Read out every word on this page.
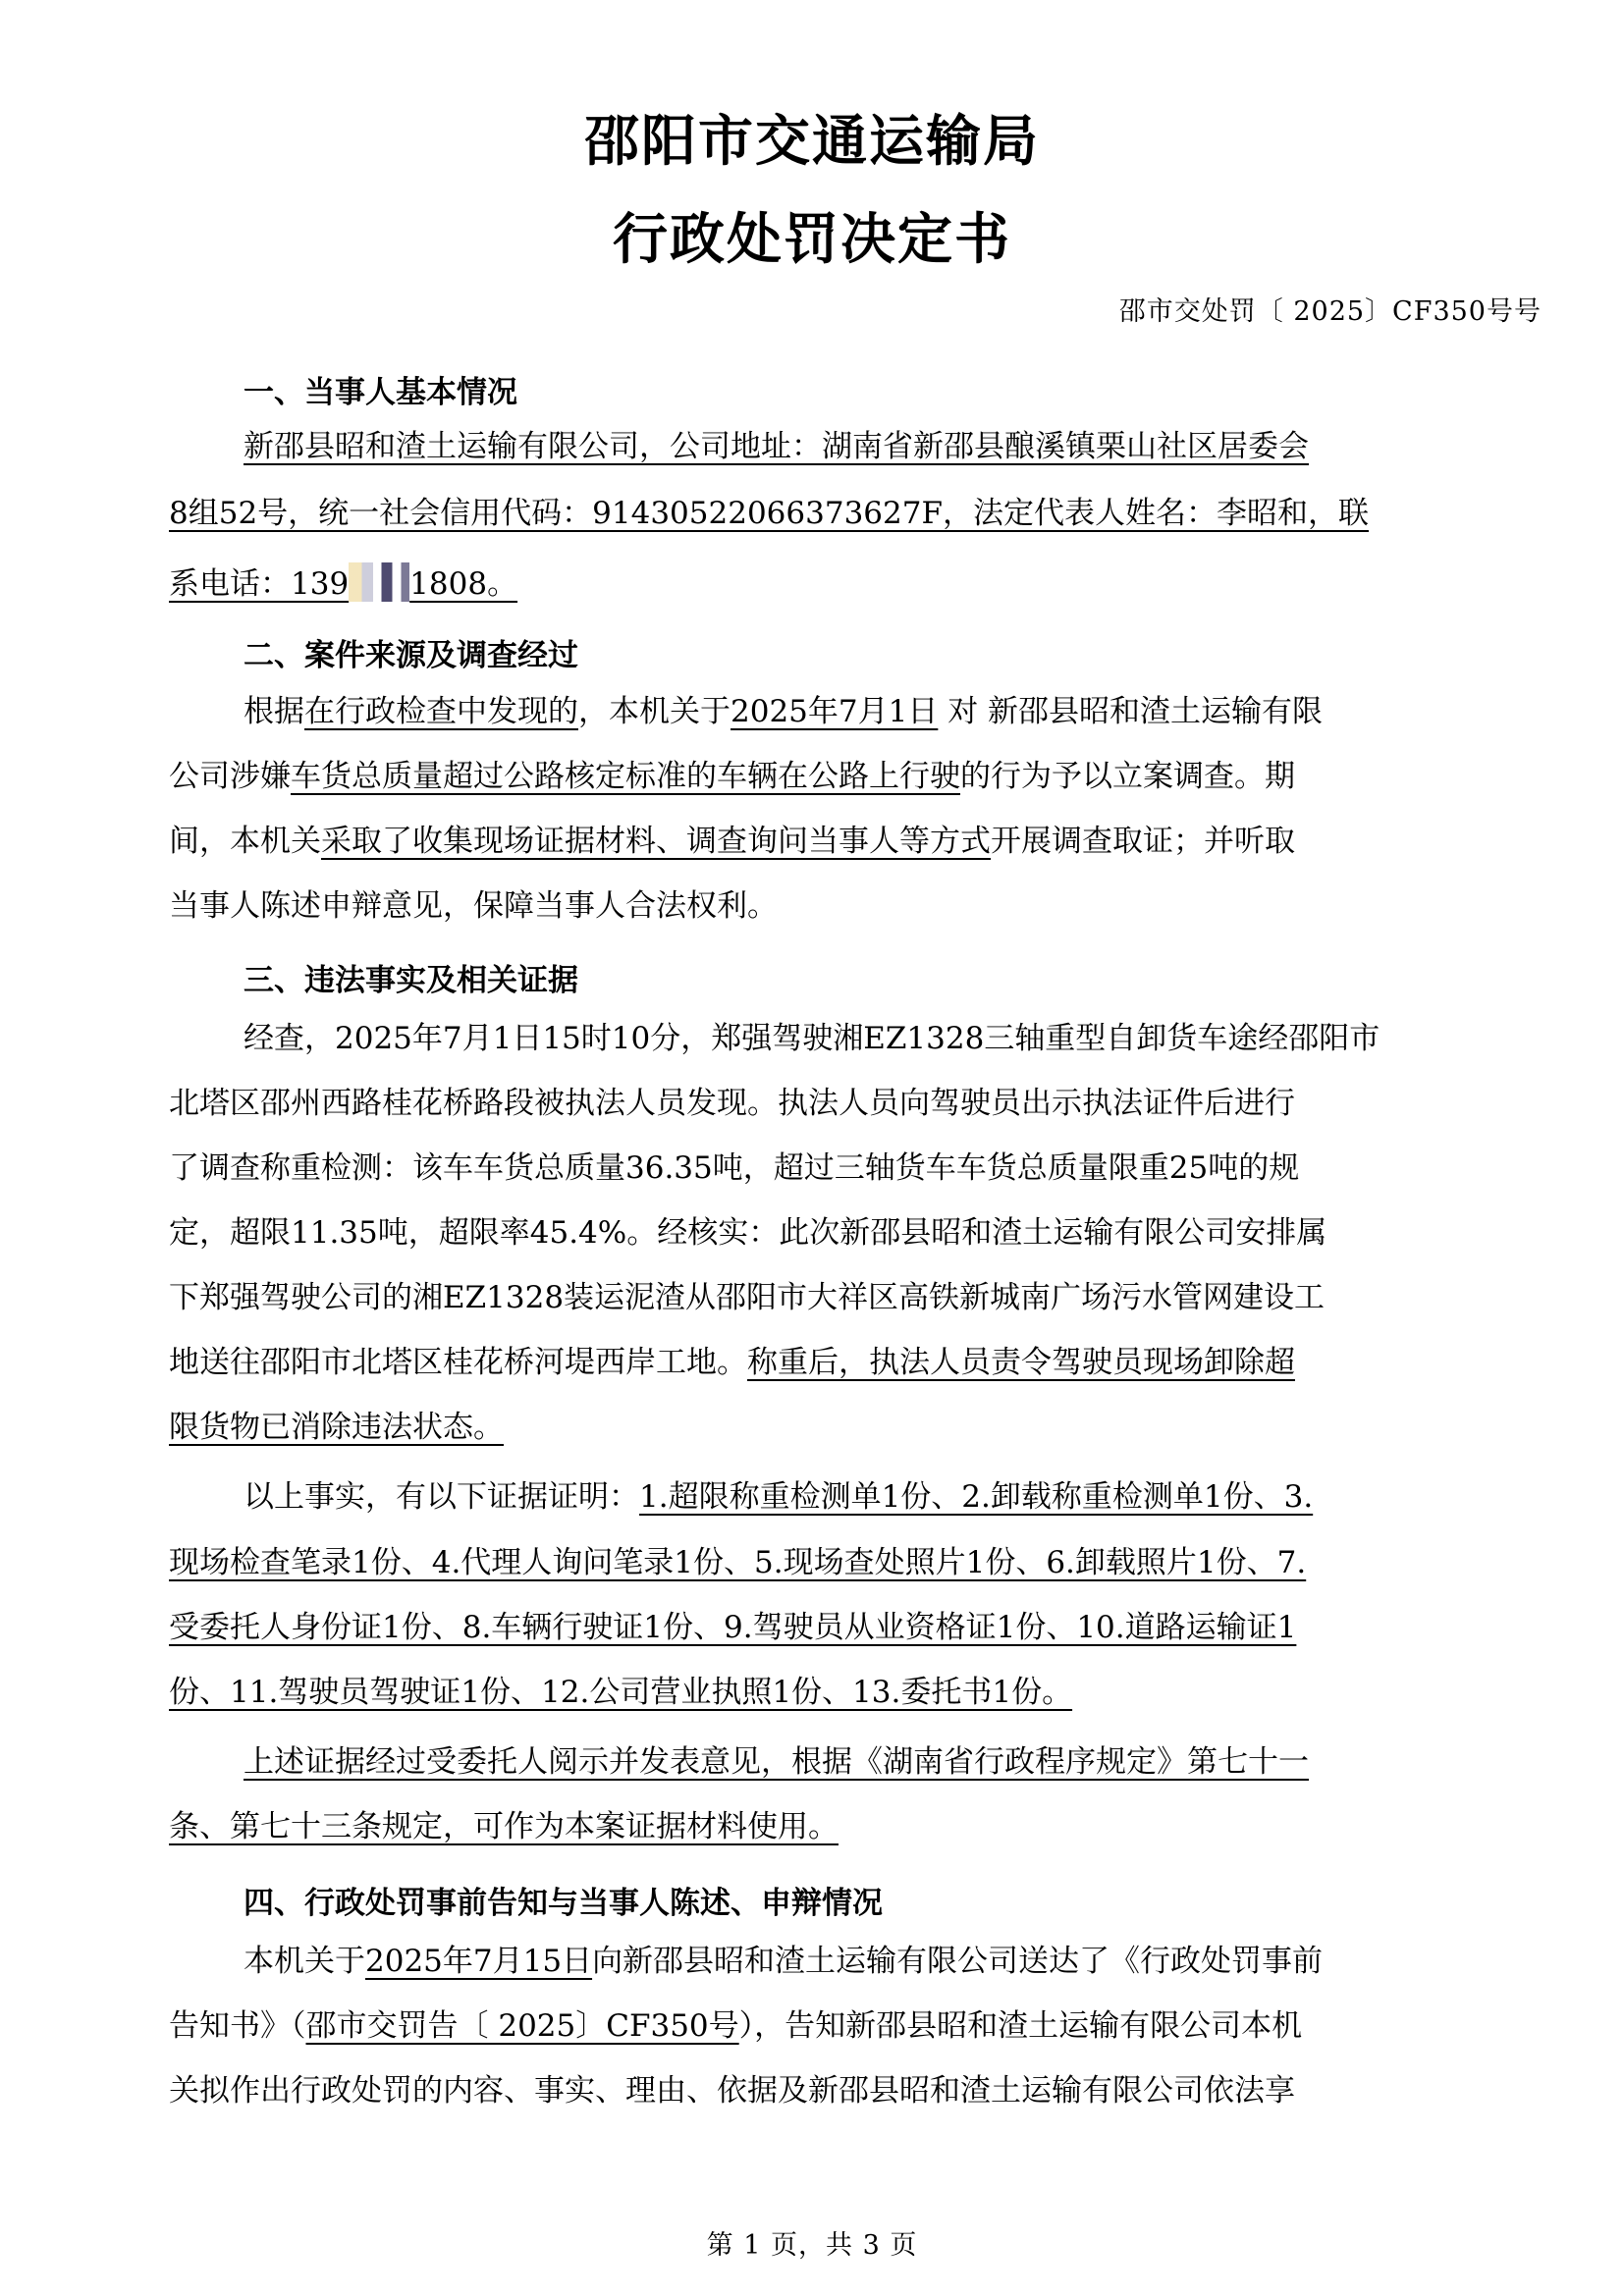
邵阳市交通运输局
行政处罚决定书
邵市交处罚〔 2025〕CF350号号
一、当事人基本情况
新邵县昭和渣土运输有限公司，公司地址：湖南省新邵县酿溪镇栗山社区居委会
8组52号，统一社会信用代码：91430522066373627F，法定代表人姓名：李昭和，联
系电话：139 1808。
二、案件来源及调查经过
根据在行政检查中发现的，本机关于2025年7月1日 对 新邵县昭和渣土运输有限
公司涉嫌车货总质量超过公路核定标准的车辆在公路上行驶的行为予以立案调查。期
间，本机关采取了收集现场证据材料、调查询问当事人等方式开展调查取证；并听取
当事人陈述申辩意见，保障当事人合法权利。
三、违法事实及相关证据
经查，2025年7月1日15时10分，郑强驾驶湘EZ1328三轴重型自卸货车途经邵阳市
北塔区邵州西路桂花桥路段被执法人员发现。执法人员向驾驶员出示执法证件后进行
了调查称重检测：该车车货总质量36.35吨，超过三轴货车车货总质量限重25吨的规
定，超限11.35吨，超限率45.4%。经核实：此次新邵县昭和渣土运输有限公司安排属
下郑强驾驶公司的湘EZ1328装运泥渣从邵阳市大祥区高铁新城南广场污水管网建设工
地送往邵阳市北塔区桂花桥河堤西岸工地。称重后，执法人员责令驾驶员现场卸除超
限货物已消除违法状态。
以上事实，有以下证据证明：1.超限称重检测单1份、2.卸载称重检测单1份、3.
现场检查笔录1份、4.代理人询问笔录1份、5.现场查处照片1份、6.卸载照片1份、7.
受委托人身份证1份、8.车辆行驶证1份、9.驾驶员从业资格证1份、10.道路运输证1
份、11.驾驶员驾驶证1份、12.公司营业执照1份、13.委托书1份。
上述证据经过受委托人阅示并发表意见，根据《湖南省行政程序规定》第七十一
条、第七十三条规定，可作为本案证据材料使用。
四、行政处罚事前告知与当事人陈述、申辩情况
本机关于2025年7月15日向新邵县昭和渣土运输有限公司送达了《行政处罚事前
告知书》（邵市交罚告〔 2025〕CF350号），告知新邵县昭和渣土运输有限公司本机
关拟作出行政处罚的内容、事实、理由、依据及新邵县昭和渣土运输有限公司依法享
第 1 页，共 3 页
